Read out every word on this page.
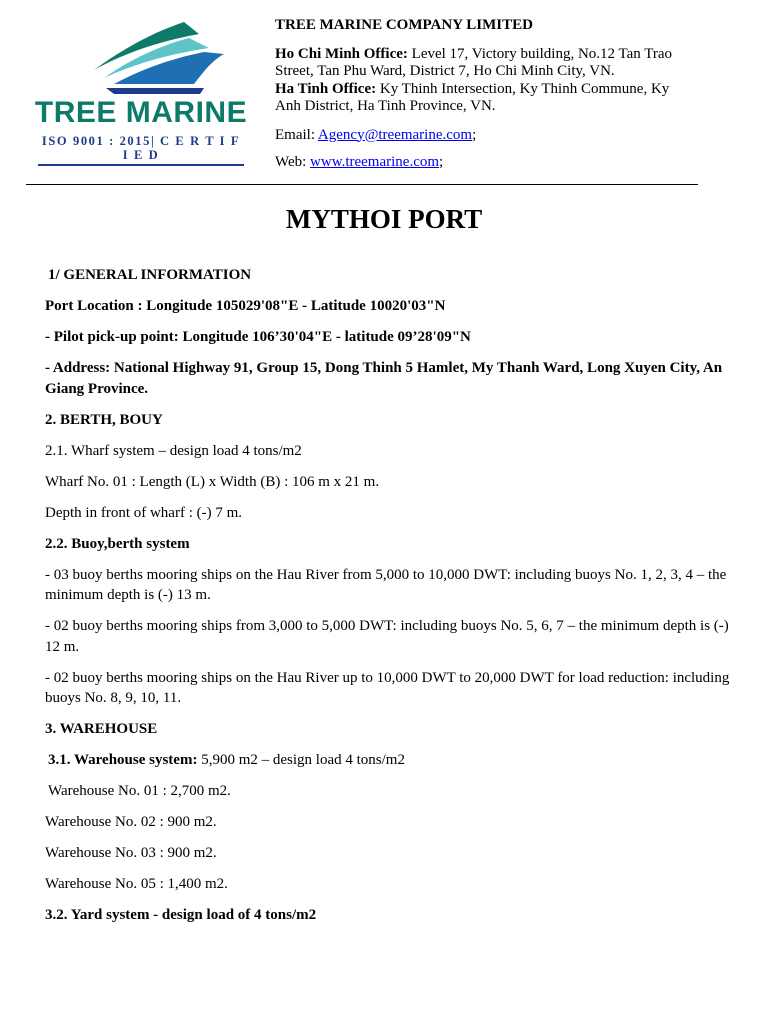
TREE MARINE
ISO 9001 : 2015| C E R T I F I E D

TREE MARINE COMPANY LIMITED

Ho Chi Minh Office: Level 17, Victory building, No.12 Tan Trao Street, Tan Phu Ward, District 7, Ho Chi Minh City, VN.

Ha Tinh Office: Ky Thinh Intersection, Ky Thinh Commune, Ky Anh District, Ha Tinh Province, VN.

Email: Agency@treemarine.com;

Web: www.treemarine.com;

MYTHOI PORT

1/ GENERAL INFORMATION

Port Location : Longitude 105029'08"E - Latitude 10020'03"N

- Pilot pick-up point: Longitude 106’30'04"E - latitude 09’28'09"N

- Address: National Highway 91, Group 15, Dong Thinh 5 Hamlet, My Thanh Ward, Long Xuyen City, An Giang Province.

2. BERTH, BOUY

2.1. Wharf system – design load 4 tons/m2

Wharf No. 01 : Length (L) x Width (B) : 106 m x 21 m.

Depth in front of wharf : (-) 7 m.

2.2. Buoy,berth system

- 03 buoy berths mooring ships on the Hau River from 5,000 to 10,000 DWT: including buoys No. 1, 2, 3, 4 – the minimum depth is (-) 13 m.

- 02 buoy berths mooring ships from 3,000 to 5,000 DWT: including buoys No. 5, 6, 7 – the minimum depth is (-) 12 m.

- 02 buoy berths mooring ships on the Hau River up to 10,000 DWT to 20,000 DWT for load reduction: including buoys No. 8, 9, 10, 11.

3. WAREHOUSE

3.1. Warehouse system: 5,900 m2 – design load 4 tons/m2

Warehouse No. 01 : 2,700 m2.

Warehouse No. 02 : 900 m2.

Warehouse No. 03 : 900 m2.

Warehouse No. 05 : 1,400 m2.

3.2. Yard system - design load of 4 tons/m2
